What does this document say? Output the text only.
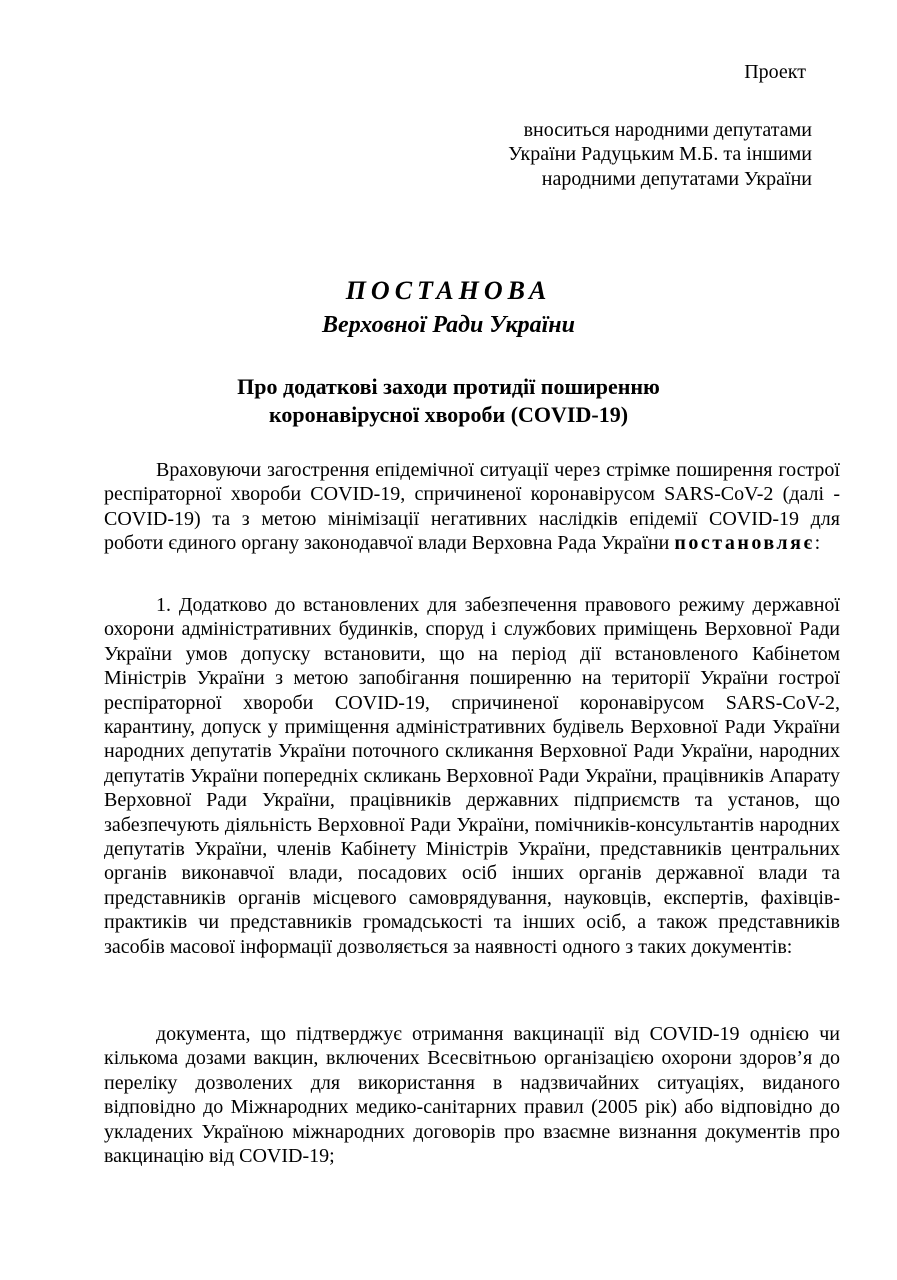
Проект

вноситься народними депутатами
України Радуцьким М.Б. та іншими
народними депутатами України

ПОСТАНОВА

Верховної Ради України

Про додаткові заходи протидії поширенню
коронавірусної хвороби (COVID-19)

Враховуючи загострення епідемічної ситуації через стрімке поширення гострої респіраторної хвороби COVID-19, спричиненої коронавірусом SARS-CoV-2 (далі - COVID-19) та з метою мінімізації негативних наслідків епідемії COVID-19 для роботи єдиного органу законодавчої влади Верховна Рада України постановляє:

1. Додатково до встановлених для забезпечення правового режиму державної охорони адміністративних будинків, споруд і службових приміщень Верховної Ради України умов допуску встановити, що на період дії встановленого Кабінетом Міністрів України з метою запобігання поширенню на території України гострої респіраторної хвороби COVID-19, спричиненої коронавірусом SARS-CoV-2, карантину, допуск у приміщення адміністративних будівель Верховної Ради України народних депутатів України поточного скликання Верховної Ради України, народних депутатів України попередніх скликань Верховної Ради України, працівників Апарату Верховної Ради України, працівників державних підприємств та установ, що забезпечують діяльність Верховної Ради України, помічників-консультантів народних депутатів України, членів Кабінету Міністрів України, представників центральних органів виконавчої влади, посадових осіб інших органів державної влади та представників органів місцевого самоврядування, науковців, експертів, фахівців-практиків чи представників громадськості та інших осіб, а також представників засобів масової інформації дозволяється за наявності одного з таких документів:

документа, що підтверджує отримання вакцинації від COVID-19 однією чи кількома дозами вакцин, включених Всесвітньою організацією охорони здоров’я до переліку дозволених для використання в надзвичайних ситуаціях, виданого відповідно до Міжнародних медико-санітарних правил (2005 рік) або відповідно до укладених Україною міжнародних договорів про взаємне визнання документів про вакцинацію від COVID-19;
